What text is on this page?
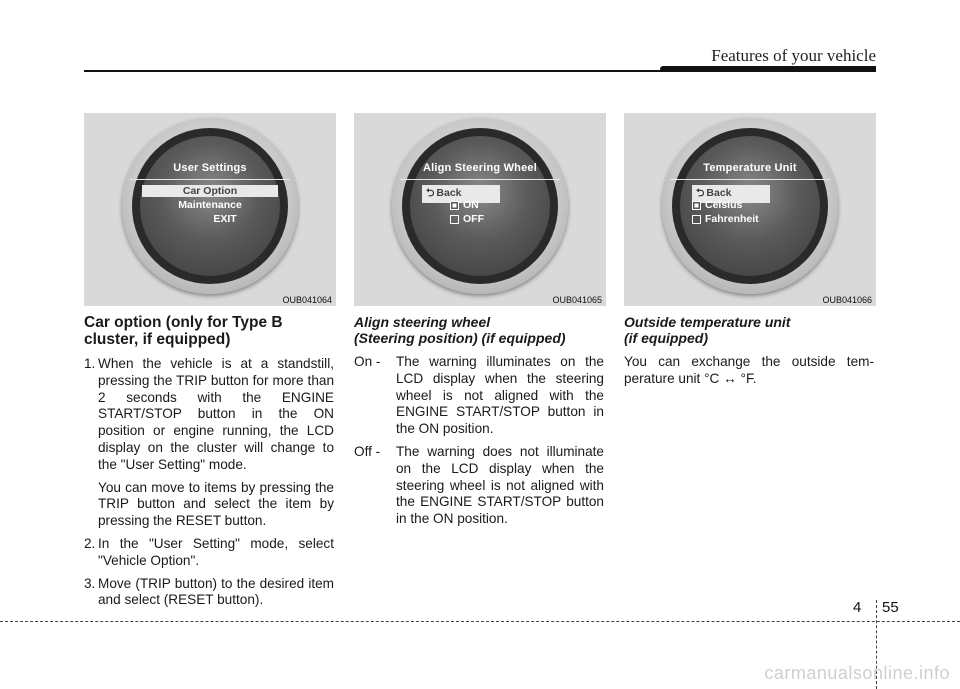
Features of your vehicle
User Settings
Car Option
Maintenance
EXIT
OUB041064
Align Steering Wheel
⮌ Back
ON
OFF
OUB041065
Temperature Unit
⮌ Back
Celsius
Fahrenheit
OUB041066
Car option (only for Type B cluster, if equipped)
1. When the vehicle is at a standstill, pressing the TRIP button for more than 2 seconds with the ENGINE START/STOP button in the ON position or engine running, the LCD display on the cluster will change to the "User Setting" mode.
You can move to items by pressing the TRIP button and select the item by pressing the RESET button.
2. In the "User Setting" mode, select "Vehicle Option".
3. Move (TRIP button) to the desired item and select (RESET button).
Align steering wheel
(Steering position) (if equipped)
On - The warning illuminates on the LCD display when the steering wheel is not aligned with the ENGINE START/STOP button in the ON position.
Off - The warning does not illuminate on the LCD display when the steering wheel is not aligned with the ENGINE START/STOP button in the ON position.
Outside temperature unit
(if equipped)
You can exchange the outside tem-perature unit °C ↔ °F.
4 55
carmanualsonline.info
